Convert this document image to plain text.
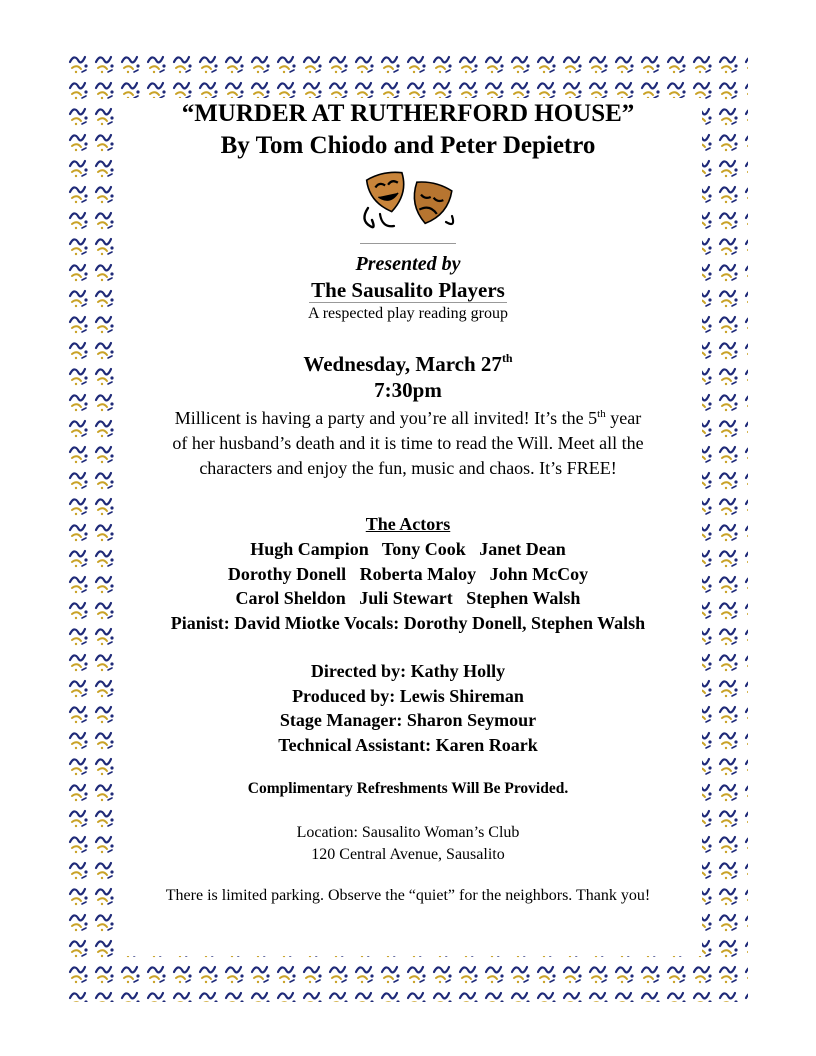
“MURDER AT RUTHERFORD HOUSE”
By Tom Chiodo and Peter Depietro
Presented by
The Sausalito Players
A respected play reading group
Wednesday, March 27th
7:30pm
Millicent is having a party and you’re all invited! It’s the 5th year
of her husband’s death and it is time to read the Will. Meet all the
characters and enjoy the fun, music and chaos. It’s FREE!
The Actors
Hugh Campion   Tony Cook   Janet Dean
Dorothy Donell   Roberta Maloy   John McCoy
Carol Sheldon   Juli Stewart   Stephen Walsh
Pianist: David Miotke Vocals: Dorothy Donell, Stephen Walsh
Directed by: Kathy Holly
Produced by: Lewis Shireman
Stage Manager: Sharon Seymour
Technical Assistant: Karen Roark
Complimentary Refreshments Will Be Provided.
Location: Sausalito Woman’s Club
120 Central Avenue, Sausalito
There is limited parking. Observe the “quiet” for the neighbors. Thank you!
